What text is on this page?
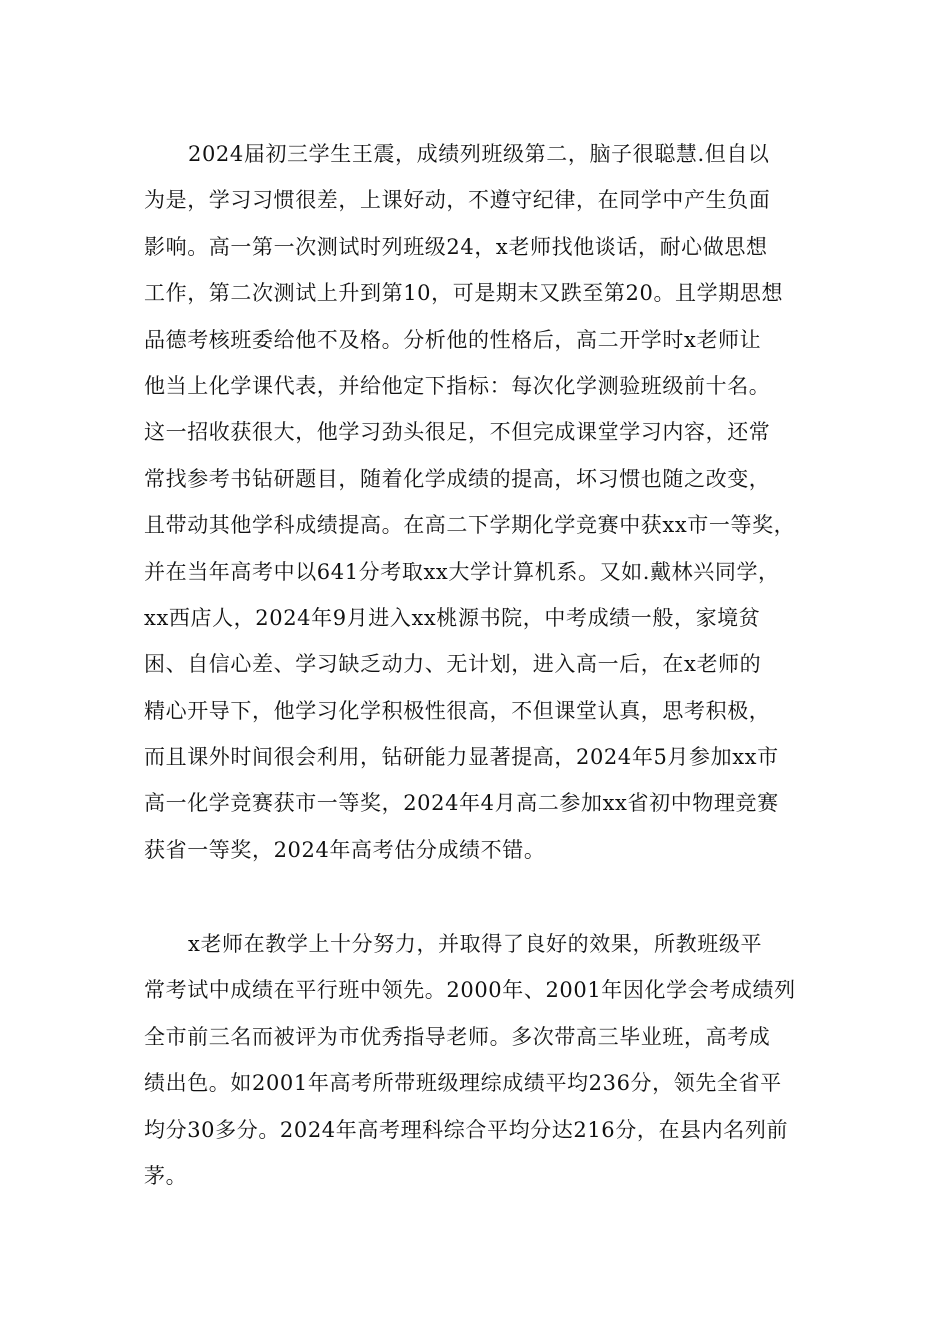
2024届初三学生王震，成绩列班级第二，脑子很聪慧.但自以
为是，学习习惯很差，上课好动，不遵守纪律，在同学中产生负面
影响。高一第一次测试时列班级24，x老师找他谈话，耐心做思想
工作，第二次测试上升到第10，可是期末又跌至第20。且学期思想
品德考核班委给他不及格。分析他的性格后，高二开学时x老师让
他当上化学课代表，并给他定下指标：每次化学测验班级前十名。
这一招收获很大，他学习劲头很足，不但完成课堂学习内容，还常
常找参考书钻研题目，随着化学成绩的提高，坏习惯也随之改变，
且带动其他学科成绩提高。在高二下学期化学竞赛中获xx市一等奖，
并在当年高考中以641分考取xx大学计算机系。又如.戴林兴同学，
xx西店人，2024年9月进入xx桃源书院，中考成绩一般，家境贫
困、自信心差、学习缺乏动力、无计划，进入高一后，在x老师的
精心开导下，他学习化学积极性很高，不但课堂认真，思考积极，
而且课外时间很会利用，钻研能力显著提高，2024年5月参加xx市
高一化学竞赛获市一等奖，2024年4月高二参加xx省初中物理竞赛
获省一等奖，2024年高考估分成绩不错。
x老师在教学上十分努力，并取得了良好的效果，所教班级平
常考试中成绩在平行班中领先。2000年、2001年因化学会考成绩列
全市前三名而被评为市优秀指导老师。多次带高三毕业班，高考成
绩出色。如2001年高考所带班级理综成绩平均236分，领先全省平
均分30多分。2024年高考理科综合平均分达216分，在县内名列前
茅。
